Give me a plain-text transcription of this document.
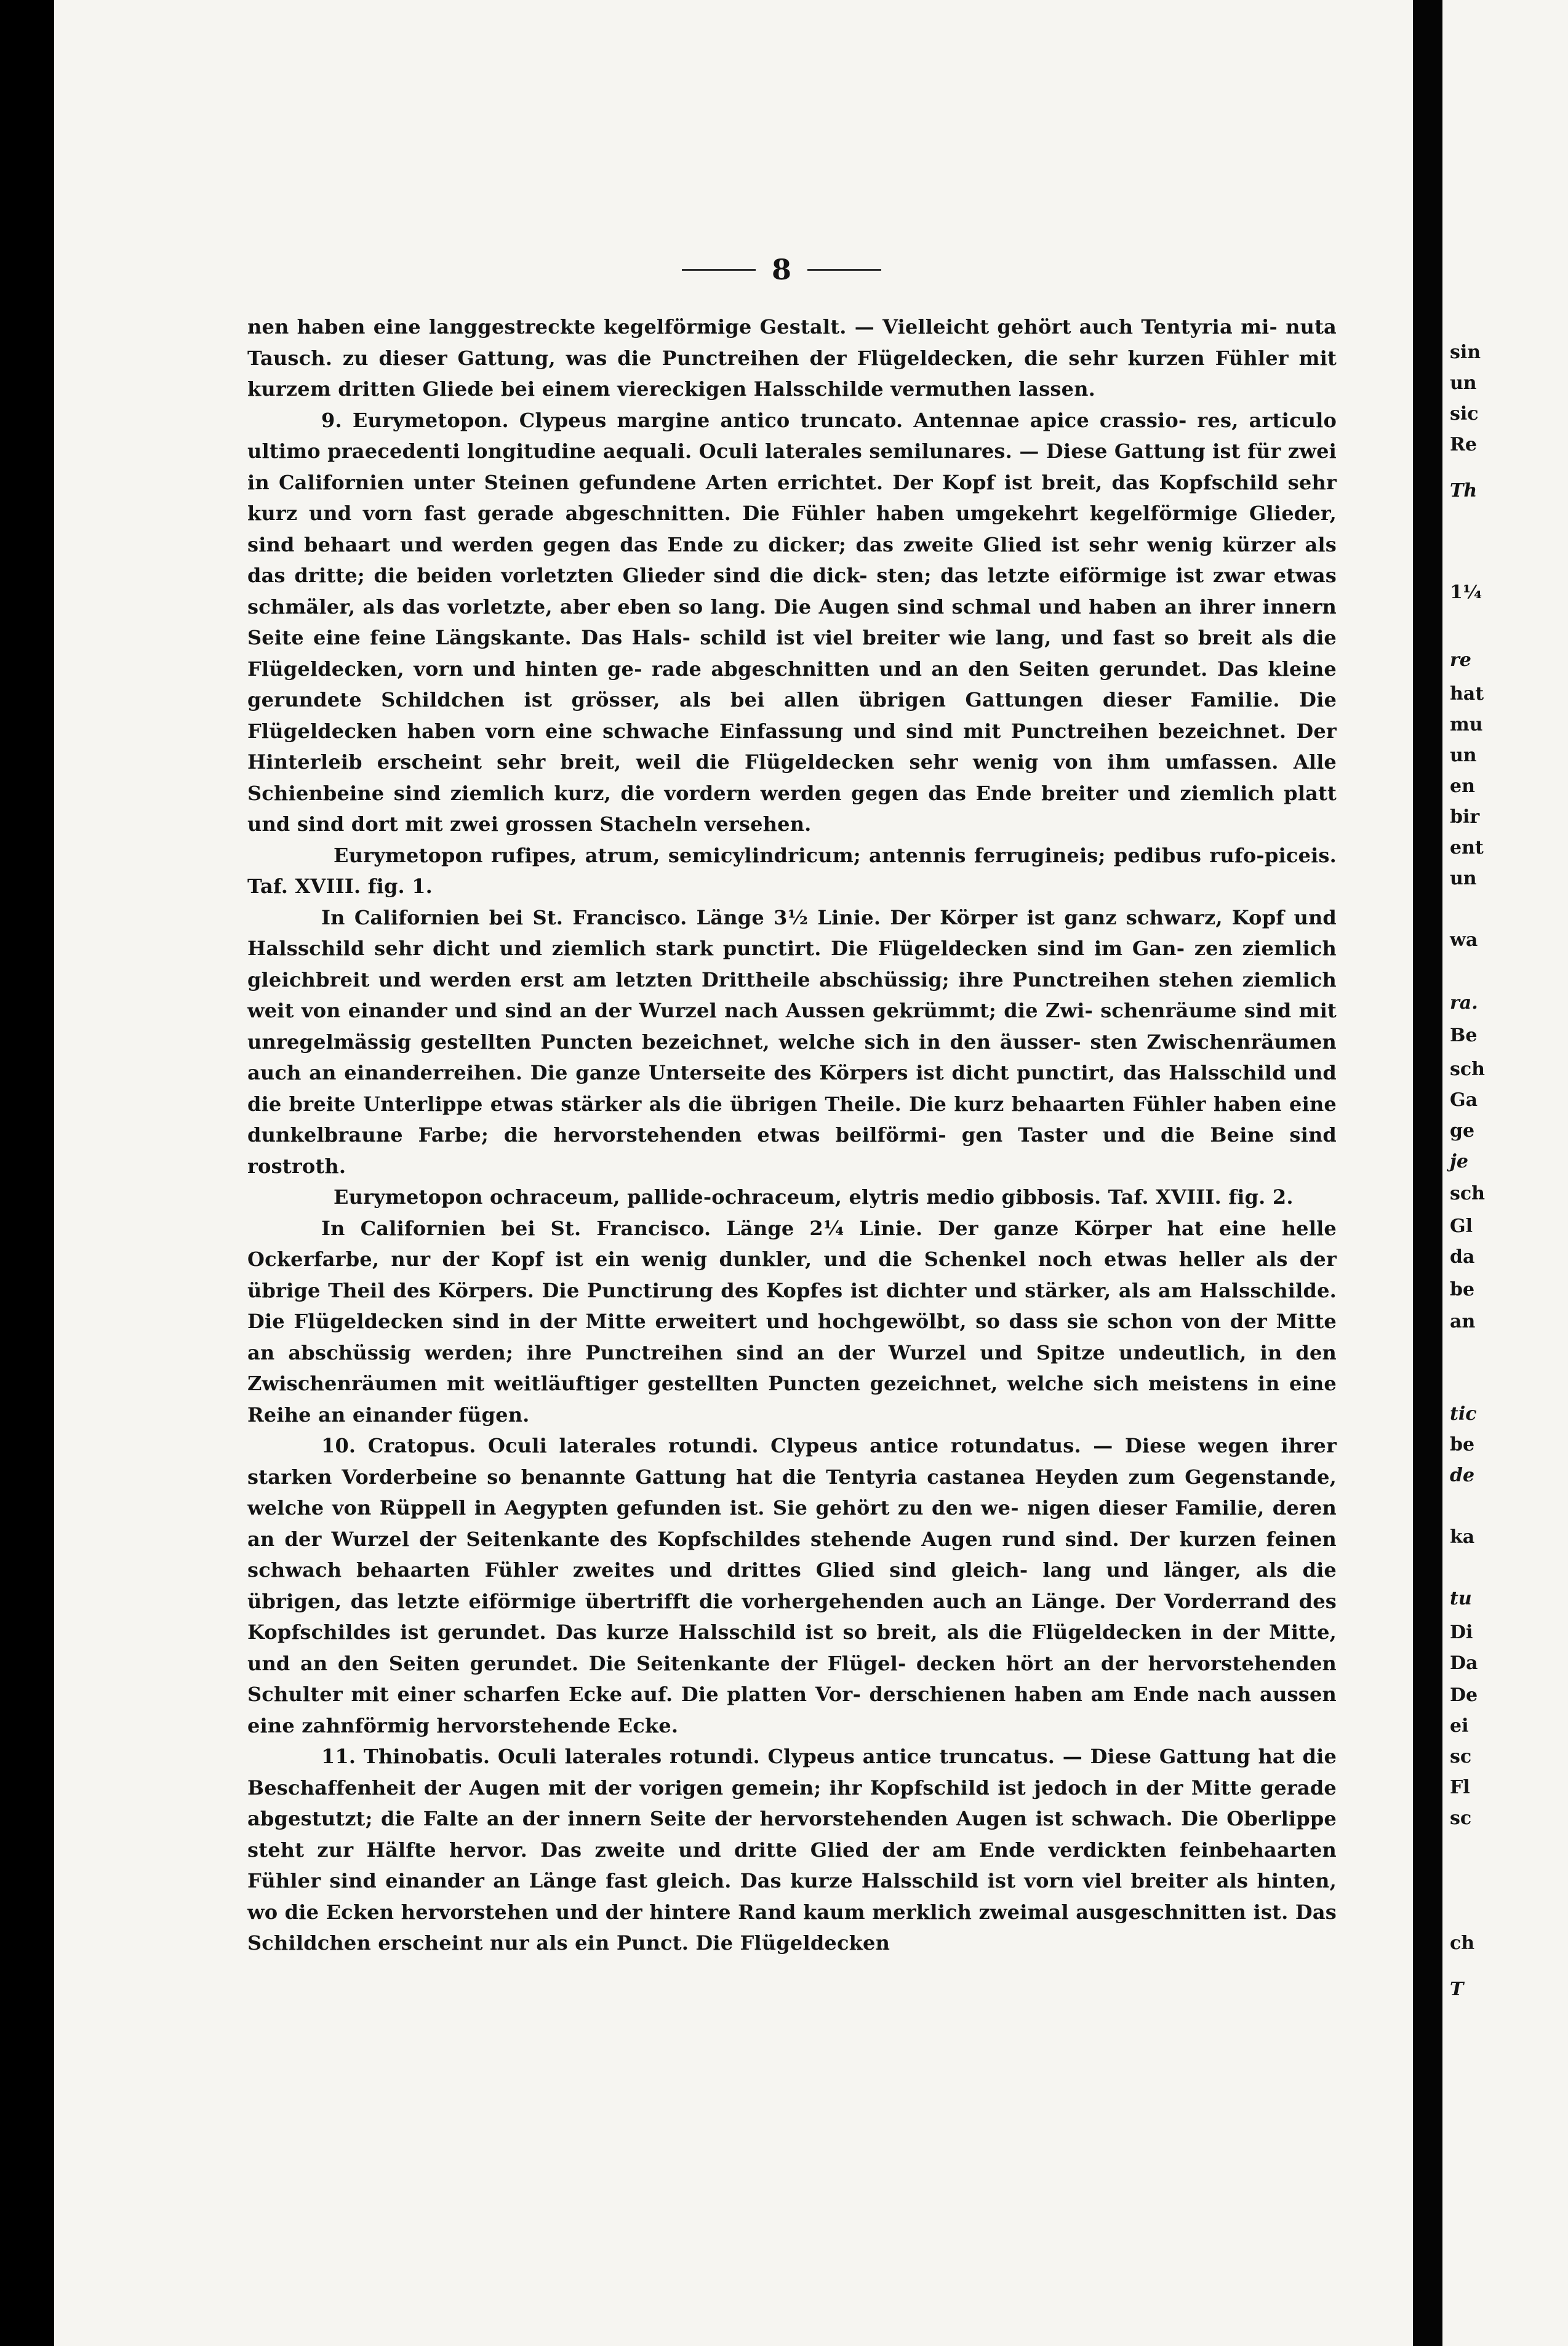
8

nen haben eine langgestreckte kegelförmige Gestalt. — Vielleicht gehört auch Tentyria mi- nuta Tausch. zu dieser Gattung, was die Punctreihen der Flügeldecken, die sehr kurzen Fühler mit kurzem dritten Gliede bei einem viereckigen Halsschilde vermuthen lassen.

9. Eurymetopon. Clypeus margine antico truncato. Antennae apice crassio- res, articulo ultimo praecedenti longitudine aequali. Oculi laterales semilunares. — Diese Gattung ist für zwei in Californien unter Steinen gefundene Arten errichtet. Der Kopf ist breit, das Kopfschild sehr kurz und vorn fast gerade abgeschnitten. Die Fühler haben umgekehrt kegelförmige Glieder, sind behaart und werden gegen das Ende zu dicker; das zweite Glied ist sehr wenig kürzer als das dritte; die beiden vorletzten Glieder sind die dick- sten; das letzte eiförmige ist zwar etwas schmäler, als das vorletzte, aber eben so lang. Die Augen sind schmal und haben an ihrer innern Seite eine feine Längskante. Das Hals- schild ist viel breiter wie lang, und fast so breit als die Flügeldecken, vorn und hinten ge- rade abgeschnitten und an den Seiten gerundet. Das kleine gerundete Schildchen ist grösser, als bei allen übrigen Gattungen dieser Familie. Die Flügeldecken haben vorn eine schwache Einfassung und sind mit Punctreihen bezeichnet. Der Hinterleib erscheint sehr breit, weil die Flügeldecken sehr wenig von ihm umfassen. Alle Schienbeine sind ziemlich kurz, die vordern werden gegen das Ende breiter und ziemlich platt und sind dort mit zwei grossen Stacheln versehen.

Eurymetopon rufipes, atrum, semicylindricum; antennis ferrugineis; pedibus rufo-piceis. Taf. XVIII. fig. 1.

In Californien bei St. Francisco. Länge 3½ Linie. Der Körper ist ganz schwarz, Kopf und Halsschild sehr dicht und ziemlich stark punctirt. Die Flügeldecken sind im Gan- zen ziemlich gleichbreit und werden erst am letzten Drittheile abschüssig; ihre Punctreihen stehen ziemlich weit von einander und sind an der Wurzel nach Aussen gekrümmt; die Zwi- schenräume sind mit unregelmässig gestellten Puncten bezeichnet, welche sich in den äusser- sten Zwischenräumen auch an einanderreihen. Die ganze Unterseite des Körpers ist dicht punctirt, das Halsschild und die breite Unterlippe etwas stärker als die übrigen Theile. Die kurz behaarten Fühler haben eine dunkelbraune Farbe; die hervorstehenden etwas beilförmi- gen Taster und die Beine sind rostroth.

Eurymetopon ochraceum, pallide-ochraceum, elytris medio gibbosis. Taf. XVIII. fig. 2.

In Californien bei St. Francisco. Länge 2¼ Linie. Der ganze Körper hat eine helle Ockerfarbe, nur der Kopf ist ein wenig dunkler, und die Schenkel noch etwas heller als der übrige Theil des Körpers. Die Punctirung des Kopfes ist dichter und stärker, als am Halsschilde. Die Flügeldecken sind in der Mitte erweitert und hochgewölbt, so dass sie schon von der Mitte an abschüssig werden; ihre Punctreihen sind an der Wurzel und Spitze undeutlich, in den Zwischenräumen mit weitläuftiger gestellten Puncten gezeichnet, welche sich meistens in eine Reihe an einander fügen.

10. Cratopus. Oculi laterales rotundi. Clypeus antice rotundatus. — Diese wegen ihrer starken Vorderbeine so benannte Gattung hat die Tentyria castanea Heyden zum Gegenstande, welche von Rüppell in Aegypten gefunden ist. Sie gehört zu den we- nigen dieser Familie, deren an der Wurzel der Seitenkante des Kopfschildes stehende Augen rund sind. Der kurzen feinen schwach behaarten Fühler zweites und drittes Glied sind gleich- lang und länger, als die übrigen, das letzte eiförmige übertrifft die vorhergehenden auch an Länge. Der Vorderrand des Kopfschildes ist gerundet. Das kurze Halsschild ist so breit, als die Flügeldecken in der Mitte, und an den Seiten gerundet. Die Seitenkante der Flügel- decken hört an der hervorstehenden Schulter mit einer scharfen Ecke auf. Die platten Vor- derschienen haben am Ende nach aussen eine zahnförmig hervorstehende Ecke.

11. Thinobatis. Oculi laterales rotundi. Clypeus antice truncatus. — Diese Gattung hat die Beschaffenheit der Augen mit der vorigen gemein; ihr Kopfschild ist jedoch in der Mitte gerade abgestutzt; die Falte an der innern Seite der hervorstehenden Augen ist schwach. Die Oberlippe steht zur Hälfte hervor. Das zweite und dritte Glied der am Ende verdickten feinbehaarten Fühler sind einander an Länge fast gleich. Das kurze Halsschild ist vorn viel breiter als hinten, wo die Ecken hervorstehen und der hintere Rand kaum merklich zweimal ausgeschnitten ist. Das Schildchen erscheint nur als ein Punct. Die Flügeldecken

sin
un
sic
Re
Th
1¼
re
hat
mu
un
en
bir
ent
un
wa
ra.
Be
sch
Ga
ge
je
sch
Gl
da
be
an
tic
be
de
ka
tu
Di
Da
De
ei
sc
Fl
sc
ch
T
